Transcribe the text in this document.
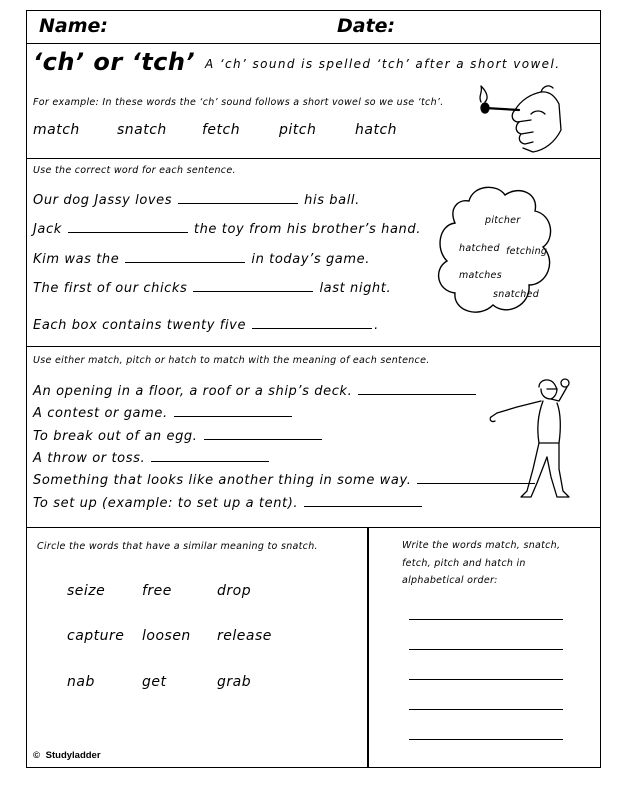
Name:	Date:
‘ch’ or ‘tch’ A ‘ch’ sound is spelled ‘tch’ after a short vowel.
For example: In these words the ‘ch’ sound follows a short vowel so we use ‘tch’.
match	snatch	fetch	pitch	hatch
Use the correct word for each sentence.
Our dog Jassy loves	his ball.
Jack	the toy from his brother’s hand.
Kim was the	in today’s game.
The first of our chicks	last night.
Each box contains twenty five	.
pitcher
hatched fetching
matches
snatched
Use either match, pitch or hatch to match with the meaning of each sentence.
An opening in a floor, a roof or a ship’s deck.
A contest or game.
To break out of an egg.
A throw or toss.
Something that looks like another thing in some way.
To set up (example: to set up a tent).
Circle the words that have a similar meaning to snatch.
seize	free	drop
capture loosen release
nab	get	grab
Write the words match, snatch,
fetch, pitch and hatch in
alphabetical order:
© Studyladder
